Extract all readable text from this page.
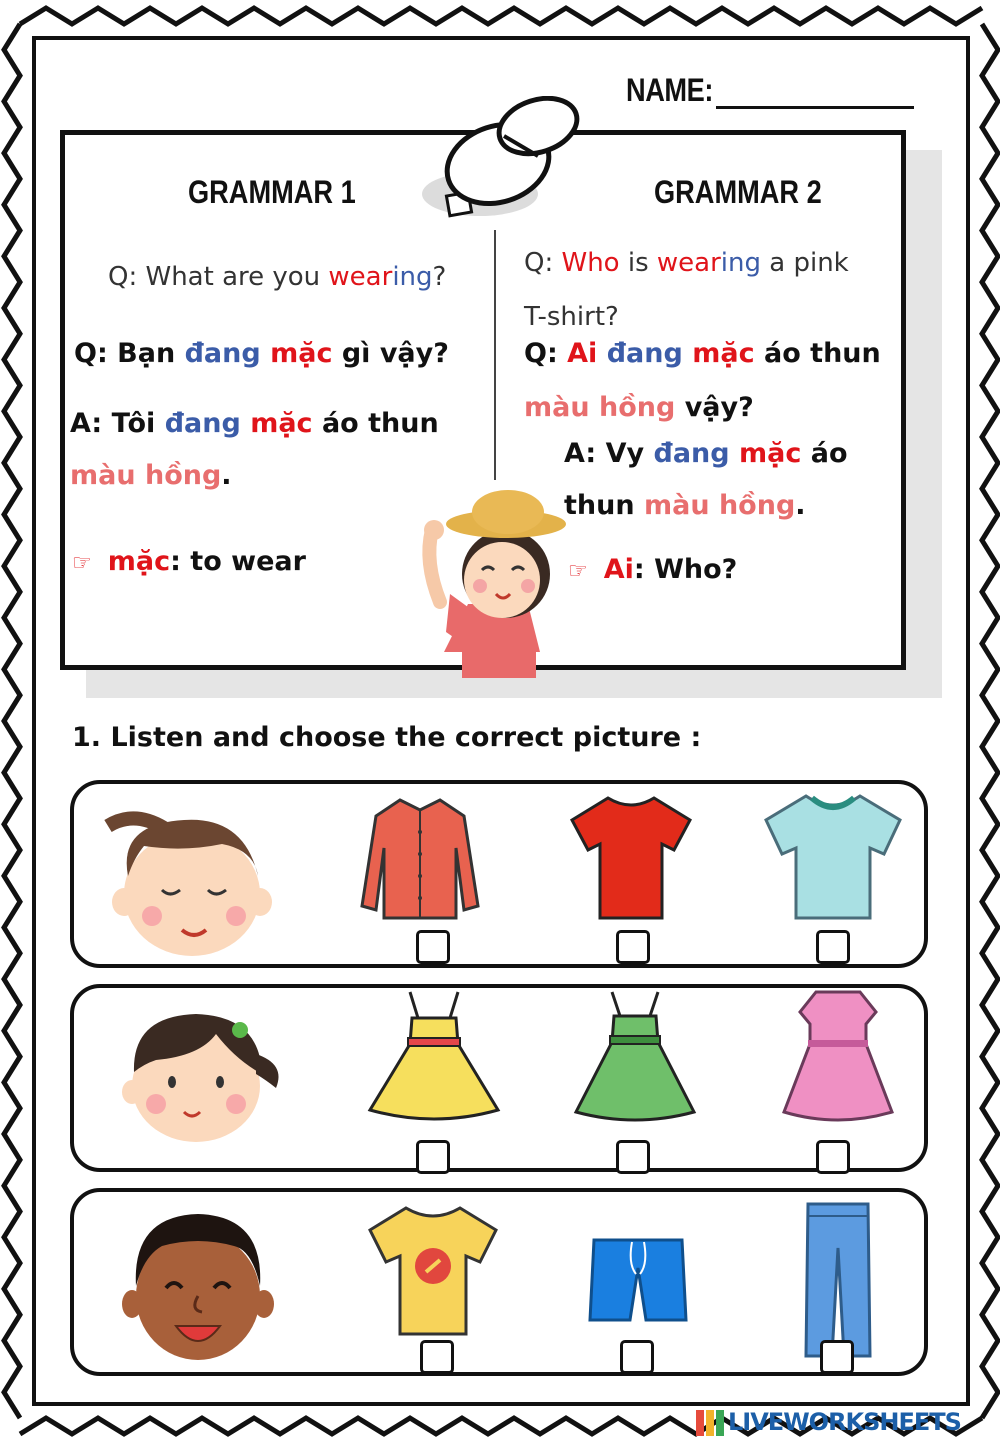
NAME:
GRAMMAR 1
Q: What are you wearing?
Q: Bạn đang mặc gì vậy?
A: Tôi đang mặc áo thun
màu hồng.
☞ mặc: to wear
GRAMMAR 2
Q: Who is wearing a pink
T-shirt?
Q: Ai đang mặc áo thun
màu hồng vậy?
A: Vy đang mặc áo
thun màu hồng.
☞ Ai: Who?
1. Listen and choose the correct picture :
LIVEWORKSHEETS
